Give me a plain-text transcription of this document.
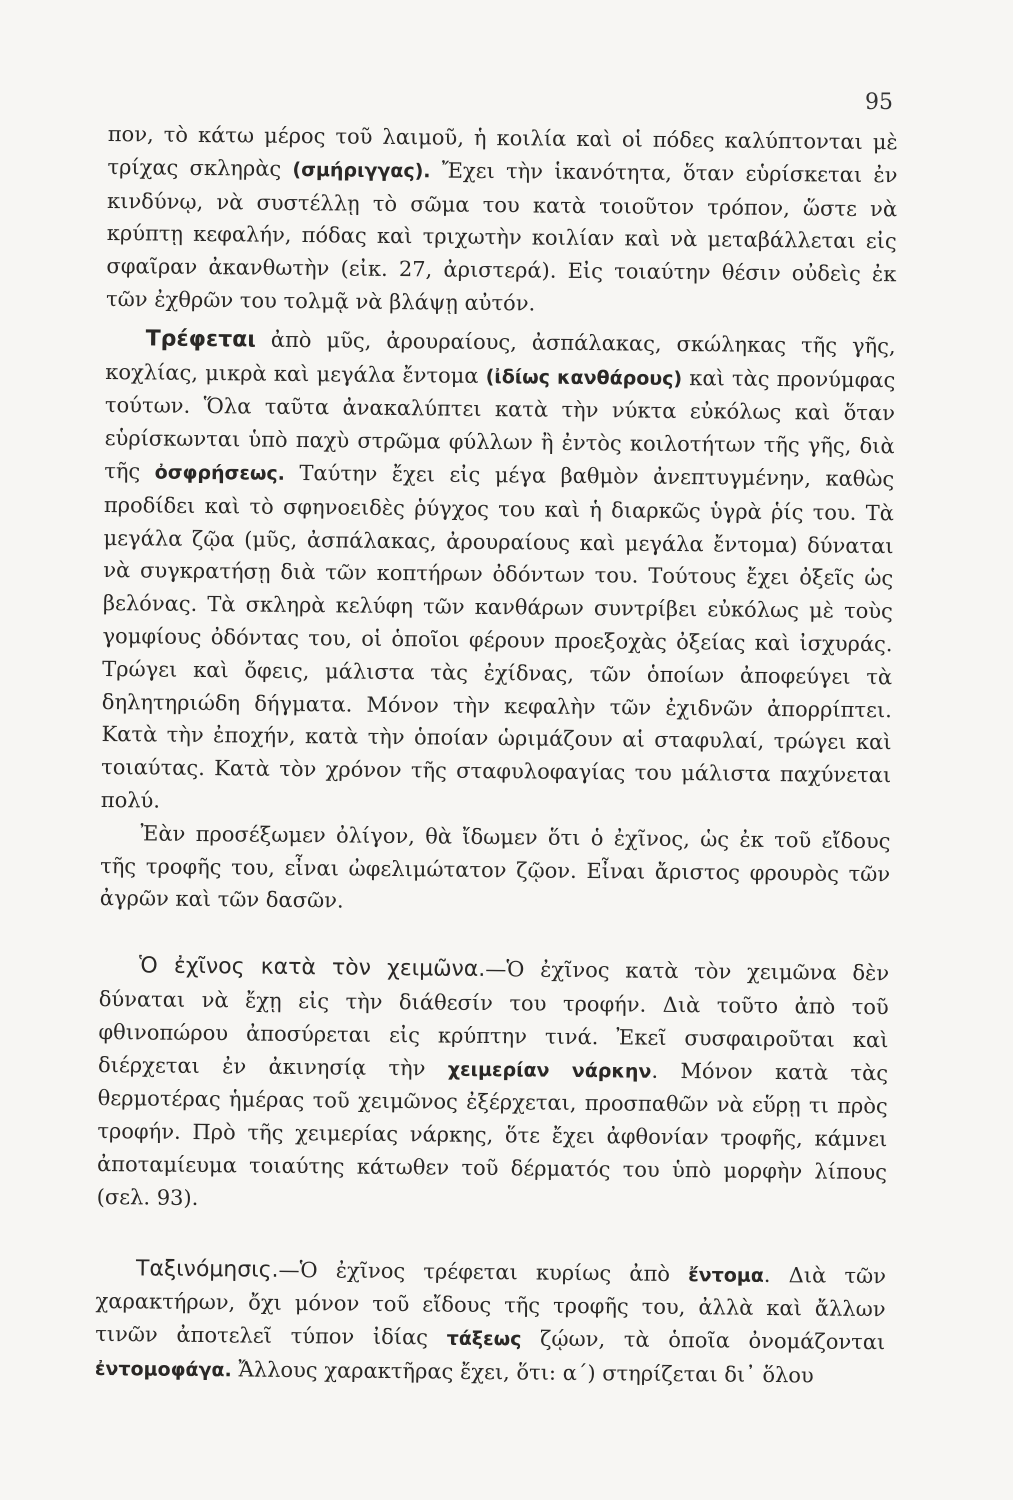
95

πον, τὸ κάτω μέρος τοῦ λαιμοῦ, ἡ κοιλία καὶ οἱ πόδες καλύπτονται μὲ τρίχας σκληρὰς (σμήριγγας). Ἔχει τὴν ἱκανότητα, ὅταν εὑρίσκεται ἐν κινδύνῳ, νὰ συστέλλῃ τὸ σῶμα του κατὰ τοιοῦτον τρόπον, ὥστε νὰ κρύπτῃ κεφαλήν, πόδας καὶ τριχωτὴν κοιλίαν καὶ νὰ μεταβάλλεται εἰς σφαῖραν ἀκανθωτὴν (εἰκ. 27, ἀριστερά). Εἰς τοιαύτην θέσιν οὐδεὶς ἐκ τῶν ἐχθρῶν του τολμᾷ νὰ βλάψῃ αὐτόν.

Τρέφεται ἀπὸ μῦς, ἀρουραίους, ἀσπάλακας, σκώληκας τῆς γῆς, κοχλίας, μικρὰ καὶ μεγάλα ἔντομα (ἰδίως κανθάρους) καὶ τὰς προνύμφας τούτων. Ὅλα ταῦτα ἀνακαλύπτει κατὰ τὴν νύκτα εὐκόλως καὶ ὅταν εὑρίσκωνται ὑπὸ παχὺ στρῶμα φύλλων ἢ ἐντὸς κοιλοτήτων τῆς γῆς, διὰ τῆς ὀσφρήσεως. Ταύτην ἔχει εἰς μέγα βαθμὸν ἀνεπτυγμένην, καθὼς προδίδει καὶ τὸ σφηνοειδὲς ῥύγχος του καὶ ἡ διαρκῶς ὑγρὰ ῥίς του. Τὰ μεγάλα ζῷα (μῦς, ἀσπάλακας, ἀρουραίους καὶ μεγάλα ἔντομα) δύναται νὰ συγκρατήσῃ διὰ τῶν κοπτήρων ὀδόντων του. Τούτους ἔχει ὀξεῖς ὡς βελόνας. Τὰ σκληρὰ κελύφη τῶν κανθάρων συντρίβει εὐκόλως μὲ τοὺς γομφίους ὀδόντας του, οἱ ὁποῖοι φέρουν προεξοχὰς ὀξείας καὶ ἰσχυράς. Τρώγει καὶ ὄφεις, μάλιστα τὰς ἐχίδνας, τῶν ὁποίων ἀποφεύγει τὰ δηλητηριώδη δήγματα. Μόνον τὴν κεφαλὴν τῶν ἐχιδνῶν ἀπορρίπτει. Κατὰ τὴν ἐποχήν, κατὰ τὴν ὁποίαν ὡριμάζουν αἱ σταφυλαί, τρώγει καὶ τοιαύτας. Κατὰ τὸν χρόνον τῆς σταφυλοφαγίας του μάλιστα παχύνεται πολύ.

Ἐὰν προσέξωμεν ὀλίγον, θὰ ἴδωμεν ὅτι ὁ ἐχῖνος, ὡς ἐκ τοῦ εἴδους τῆς τροφῆς του, εἶναι ὠφελιμώτατον ζῷον. Εἶναι ἄριστος φρουρὸς τῶν ἀγρῶν καὶ τῶν δασῶν.

Ὁ ἐχῖνος κατὰ τὸν χειμῶνα.—Ὁ ἐχῖνος κατὰ τὸν χειμῶνα δὲν δύναται νὰ ἔχῃ εἰς τὴν διάθεσίν του τροφήν. Διὰ τοῦτο ἀπὸ τοῦ φθινοπώρου ἀποσύρεται εἰς κρύπτην τινά. Ἐκεῖ συσφαιροῦται καὶ διέρχεται ἐν ἀκινησίᾳ τὴν χειμερίαν νάρκην. Μόνον κατὰ τὰς θερμοτέρας ἡμέρας τοῦ χειμῶνος ἐξέρχεται, προσπαθῶν νὰ εὕρῃ τι πρὸς τροφήν. Πρὸ τῆς χειμερίας νάρκης, ὅτε ἔχει ἀφθονίαν τροφῆς, κάμνει ἀποταμίευμα τοιαύτης κάτωθεν τοῦ δέρματός του ὑπὸ μορφὴν λίπους (σελ. 93).

Ταξινόμησις.—Ὁ ἐχῖνος τρέφεται κυρίως ἀπὸ ἔντομα. Διὰ τῶν χαρακτήρων, ὄχι μόνον τοῦ εἴδους τῆς τροφῆς του, ἀλλὰ καὶ ἄλλων τινῶν ἀποτελεῖ τύπον ἰδίας τάξεως ζῴων, τὰ ὁποῖα ὀνομάζονται ἐντομοφάγα. Ἄλλους χαρακτῆρας ἔχει, ὅτι: α´) στηρίζεται δι᾽ ὅλου
